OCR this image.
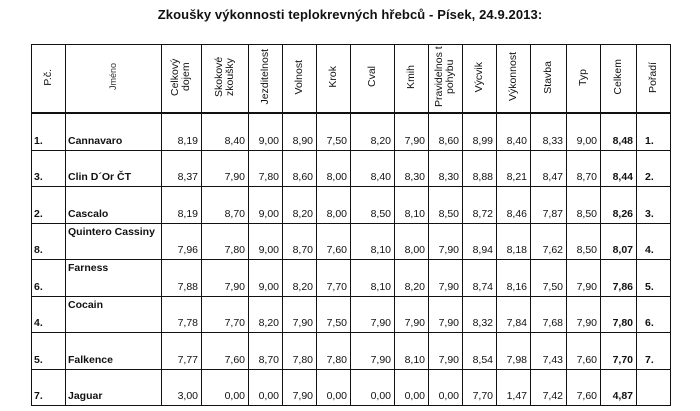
Zkoušky výkonnosti teplokrevných hřebců - Písek, 24.9.2013:
P.č.	Jméno	Celkový dojem	Skokové zkoušky	Jezditelnost	Volnost	Krok	Cval	Kmih	Pravidelnos t pohybu	Výcvik	Výkonnost	Stavba	Typ	Celkem	Pořadí
1.	Cannavaro	8,19	8,40	9,00	8,90	7,50	8,20	7,90	8,60	8,99	8,40	8,33	9,00	8,48	1.
3.	Clin D´Or ČT	8,37	7,90	7,80	8,60	8,00	8,40	8,30	8,30	8,88	8,21	8,47	8,70	8,44	2.
2.	Cascalo	8,19	8,70	9,00	8,20	8,00	8,50	8,10	8,50	8,72	8,46	7,87	8,50	8,26	3.
8.	Quintero Cassiny	7,96	7,80	9,00	8,70	7,60	8,10	8,00	7,90	8,94	8,18	7,62	8,50	8,07	4.
6.	Farness	7,88	7,90	9,00	8,20	7,70	8,10	8,20	7,90	8,74	8,16	7,50	7,90	7,86	5.
4.	Cocain	7,78	7,70	8,20	7,90	7,50	7,90	7,90	7,90	8,32	7,84	7,68	7,90	7,80	6.
5.	Falkence	7,77	7,60	8,70	7,80	7,80	7,90	8,10	7,90	8,54	7,98	7,43	7,60	7,70	7.
7.	Jaguar	3,00	0,00	0,00	7,90	0,00	0,00	0,00	0,00	7,70	1,47	7,42	7,60	4,87	
